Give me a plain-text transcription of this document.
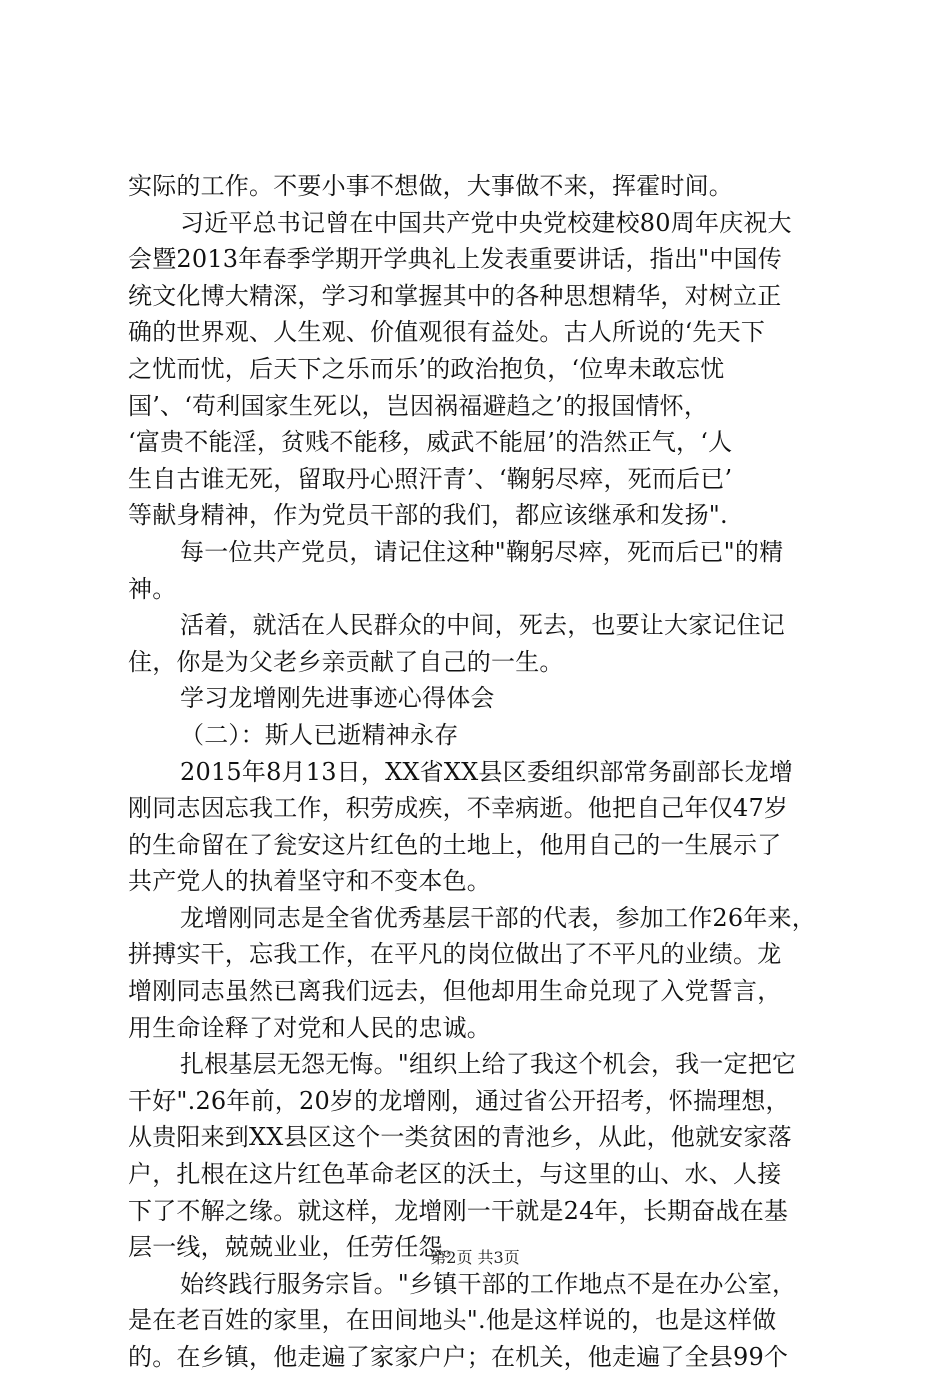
实际的工作。不要小事不想做，大事做不来，挥霍时间。
习近平总书记曾在中国共产党中央党校建校80周年庆祝大
会暨2013年春季学期开学典礼上发表重要讲话，指出"中国传
统文化博大精深，学习和掌握其中的各种思想精华，对树立正
确的世界观、人生观、价值观很有益处。古人所说的‘先天下
之忧而忧，后天下之乐而乐’的政治抱负，‘位卑未敢忘忧
国’、‘苟利国家生死以，岂因祸福避趋之’的报国情怀，
‘富贵不能淫，贫贱不能移，威武不能屈’的浩然正气，‘人
生自古谁无死，留取丹心照汗青’、‘鞠躬尽瘁，死而后已’
等献身精神，作为党员干部的我们，都应该继承和发扬".
每一位共产党员，请记住这种"鞠躬尽瘁，死而后已"的精
神。
活着，就活在人民群众的中间，死去，也要让大家记住记
住，你是为父老乡亲贡献了自己的一生。
学习龙增刚先进事迹心得体会
（二）：斯人已逝精神永存
2015年8月13日，XX省XX县区委组织部常务副部长龙增
刚同志因忘我工作，积劳成疾，不幸病逝。他把自己年仅47岁
的生命留在了瓮安这片红色的土地上，他用自己的一生展示了
共产党人的执着坚守和不变本色。
龙增刚同志是全省优秀基层干部的代表，参加工作26年来，
拼搏实干，忘我工作，在平凡的岗位做出了不平凡的业绩。龙
增刚同志虽然已离我们远去，但他却用生命兑现了入党誓言，
用生命诠释了对党和人民的忠诚。
扎根基层无怨无悔。"组织上给了我这个机会，我一定把它
干好".26年前，20岁的龙增刚，通过省公开招考，怀揣理想，
从贵阳来到XX县区这个一类贫困的青池乡，从此，他就安家落
户，扎根在这片红色革命老区的沃土，与这里的山、水、人接
下了不解之缘。就这样，龙增刚一干就是24年，长期奋战在基
层一线，兢兢业业，任劳任怨。
始终践行服务宗旨。"乡镇干部的工作地点不是在办公室，
是在老百姓的家里，在田间地头".他是这样说的，也是这样做
的。在乡镇，他走遍了家家户户；在机关，他走遍了全县99个
第2页 共3页
